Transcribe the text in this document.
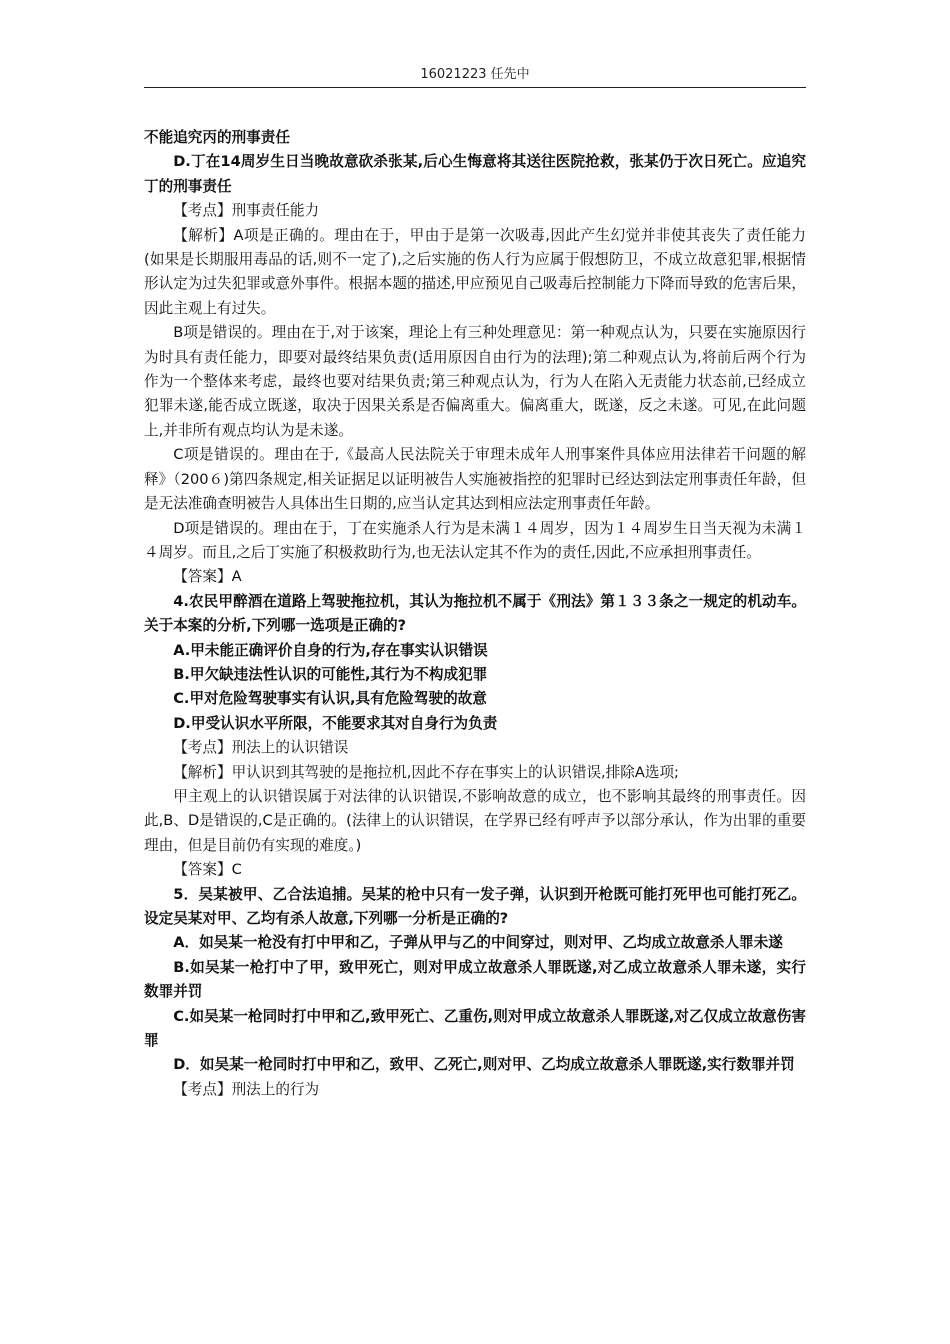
16021223 任先中

不能追究丙的刑事责任

D.丁在14周岁生日当晚故意砍杀张某,后心生悔意将其送往医院抢救，张某仍于次日死亡。应追究丁的刑事责任

【考点】刑事责任能力

【解析】A项是正确的。理由在于，甲由于是第一次吸毒,因此产生幻觉并非使其丧失了责任能力(如果是长期服用毒品的话,则不一定了),之后实施的伤人行为应属于假想防卫，不成立故意犯罪,根据情形认定为过失犯罪或意外事件。根据本题的描述,甲应预见自己吸毒后控制能力下降而导致的危害后果，因此主观上有过失。

B项是错误的。理由在于,对于该案，理论上有三种处理意见：第一种观点认为，只要在实施原因行为时具有责任能力，即要对最终结果负责(适用原因自由行为的法理);第二种观点认为,将前后两个行为作为一个整体来考虑，最终也要对结果负责;第三种观点认为，行为人在陷入无责能力状态前,已经成立犯罪未遂,能否成立既遂，取决于因果关系是否偏离重大。偏离重大，既遂，反之未遂。可见,在此问题上,并非所有观点均认为是未遂。

C项是错误的。理由在于,《最高人民法院关于审理未成年人刑事案件具体应用法律若干问题的解释》（200６)第四条规定,相关证据足以证明被告人实施被指控的犯罪时已经达到法定刑事责任年龄，但是无法准确查明被告人具体出生日期的,应当认定其达到相应法定刑事责任年龄。

D项是错误的。理由在于，丁在实施杀人行为是未满１４周岁，因为１４周岁生日当天视为未满１４周岁。而且,之后丁实施了积极救助行为,也无法认定其不作为的责任,因此,不应承担刑事责任。

【答案】A

4.农民甲醉酒在道路上驾驶拖拉机，其认为拖拉机不属于《刑法》第１３３条之一规定的机动车。关于本案的分析,下列哪一选项是正确的?

A.甲未能正确评价自身的行为,存在事实认识错误

B.甲欠缺违法性认识的可能性,其行为不构成犯罪

C.甲对危险驾驶事实有认识,具有危险驾驶的故意

D.甲受认识水平所限，不能要求其对自身行为负责

【考点】刑法上的认识错误

【解析】甲认识到其驾驶的是拖拉机,因此不存在事实上的认识错误,排除A选项;

甲主观上的认识错误属于对法律的认识错误,不影响故意的成立，也不影响其最终的刑事责任。因此,B、D是错误的,C是正确的。(法律上的认识错误，在学界已经有呼声予以部分承认，作为出罪的重要理由，但是目前仍有实现的难度。)

【答案】C

5．吴某被甲、乙合法追捕。吴某的枪中只有一发子弹，认识到开枪既可能打死甲也可能打死乙。设定吴某对甲、乙均有杀人故意,下列哪一分析是正确的?

A．如吴某一枪没有打中甲和乙，子弹从甲与乙的中间穿过，则对甲、乙均成立故意杀人罪未遂

B.如吴某一枪打中了甲，致甲死亡，则对甲成立故意杀人罪既遂,对乙成立故意杀人罪未遂，实行数罪并罚

C.如吴某一枪同时打中甲和乙,致甲死亡、乙重伤,则对甲成立故意杀人罪既遂,对乙仅成立故意伤害罪

D．如吴某一枪同时打中甲和乙，致甲、乙死亡,则对甲、乙均成立故意杀人罪既遂,实行数罪并罚

【考点】刑法上的行为
